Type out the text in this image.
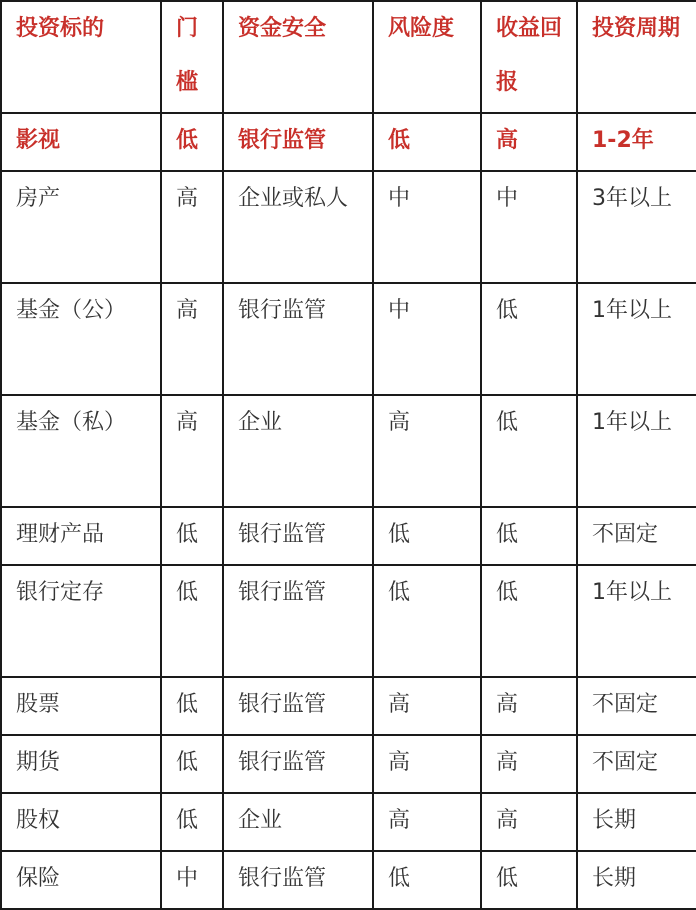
投资标的	门槛	资金安全	风险度	收益回报	投资周期

影视	低	银行监管	低	高	1-2年

房产	高	企业或私人	中	中	3年以上

基金（公）	高	银行监管	中	低	1年以上

基金（私）	高	企业	高	低	1年以上

理财产品	低	银行监管	低	低	不固定

银行定存	低	银行监管	低	低	1年以上

股票	低	银行监管	高	高	不固定

期货	低	银行监管	高	高	不固定

股权	低	企业	高	高	长期

保险	中	银行监管	低	低	长期
